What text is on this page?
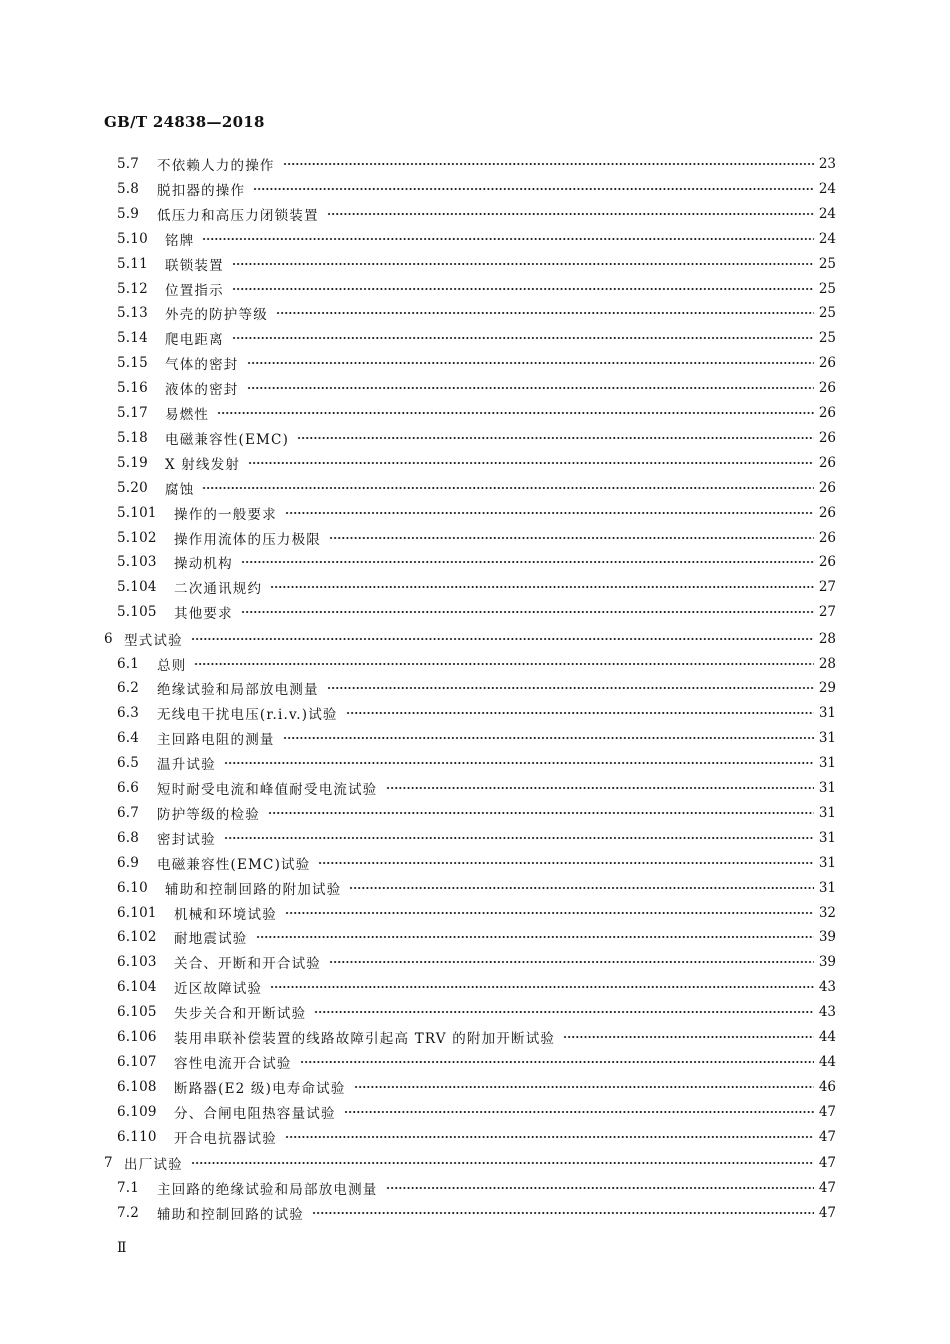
GB/T 24838—2018
5.7	不依赖人力的操作	23
5.8	脱扣器的操作	24
5.9	低压力和高压力闭锁装置	24
5.10	铭牌	24
5.11	联锁装置	25
5.12	位置指示	25
5.13	外壳的防护等级	25
5.14	爬电距离	25
5.15	气体的密封	26
5.16	液体的密封	26
5.17	易燃性	26
5.18	电磁兼容性(EMC)	26
5.19	X 射线发射	26
5.20	腐蚀	26
5.101	操作的一般要求	26
5.102	操作用流体的压力极限	26
5.103	操动机构	26
5.104	二次通讯规约	27
5.105	其他要求	27
6 型式试验	28
6.1	总则	28
6.2	绝缘试验和局部放电测量	29
6.3	无线电干扰电压(r.i.v.)试验	31
6.4	主回路电阻的测量	31
6.5	温升试验	31
6.6	短时耐受电流和峰值耐受电流试验	31
6.7	防护等级的检验	31
6.8	密封试验	31
6.9	电磁兼容性(EMC)试验	31
6.10	辅助和控制回路的附加试验	31
6.101	机械和环境试验	32
6.102	耐地震试验	39
6.103	关合、开断和开合试验	39
6.104	近区故障试验	43
6.105	失步关合和开断试验	43
6.106	装用串联补偿装置的线路故障引起高 TRV 的附加开断试验	44
6.107	容性电流开合试验	44
6.108	断路器(E2 级)电寿命试验	46
6.109	分、合闸电阻热容量试验	47
6.110	开合电抗器试验	47
7 出厂试验	47
7.1	主回路的绝缘试验和局部放电测量	47
7.2	辅助和控制回路的试验	47
Ⅱ
